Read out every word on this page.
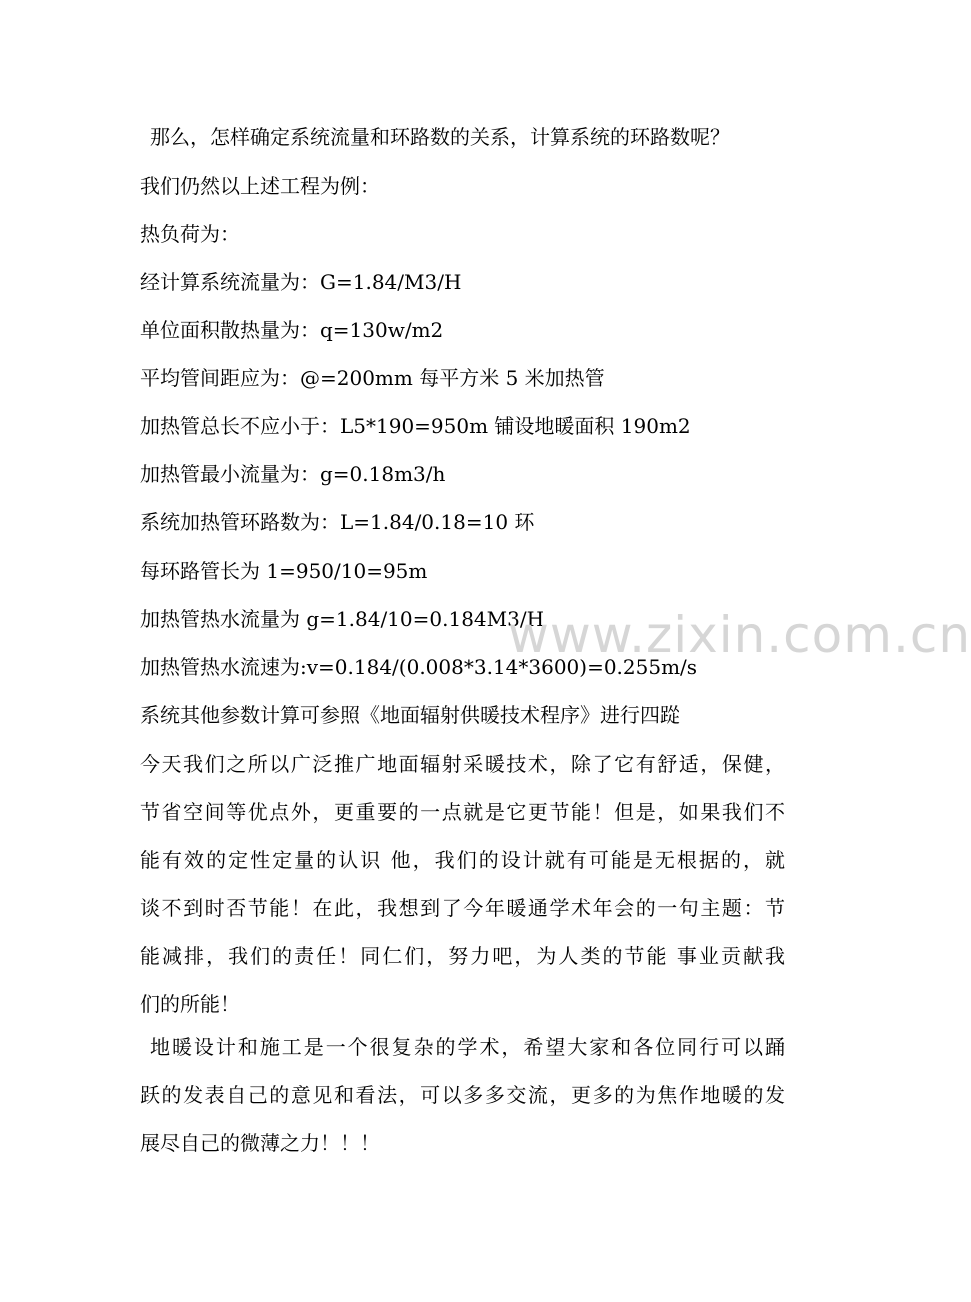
那么，怎样确定系统流量和环路数的关系，计算系统的环路数呢？
我们仍然以上述工程为例：
热负荷为：
经计算系统流量为：G=1.84/M3/H
单位面积散热量为：q=130w/m2
平均管间距应为：@=200mm 每平方米 5 米加热管
加热管总长不应小于：L5*190=950m 铺设地暖面积 190m2
加热管最小流量为：g=0.18m3/h
系统加热管环路数为：L=1.84/0.18=10 环
每环路管长为 1=950/10=95m
加热管热水流量为 g=1.84/10=0.184M3/H
加热管热水流速为:v=0.184/(0.008*3.14*3600)=0.255m/s
系统其他参数计算可参照《地面辐射供暖技术程序》进行四踨
今天我们之所以广泛推广地面辐射采暖技术，除了它有舒适，保健，
节省空间等优点外，更重要的一点就是它更节能！但是，如果我们不
能有效的定性定量的认识 他，我们的设计就有可能是无根据的，就
谈不到时否节能！在此，我想到了今年暖通学术年会的一句主题：节
能减排，我们的责任！同仁们，努力吧，为人类的节能 事业贡献我
们的所能！
地暖设计和施工是一个很复杂的学术，希望大家和各位同行可以踊
跃的发表自己的意见和看法，可以多多交流，更多的为焦作地暖的发
展尽自己的微薄之力！！！
www.zixin.com.cn
